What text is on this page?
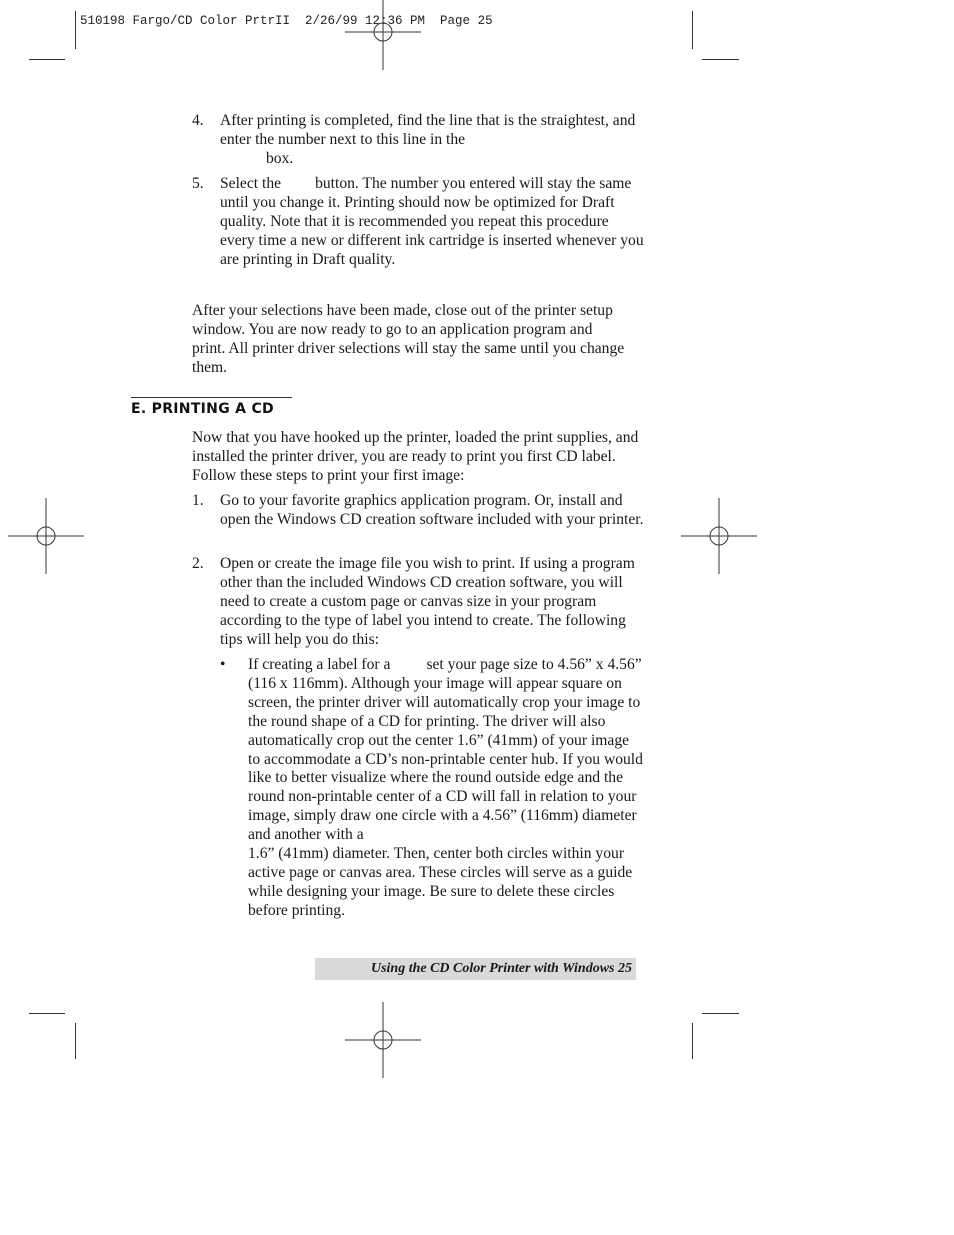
510198 Fargo/CD Color PrtrII  2/26/99 12:36 PM  Page 25
4.	After printing is completed, find the line that is the straightest, and enter the number next to this line in the
box.
5.	Select the button. The number you entered will stay the same until you change it. Printing should now be optimized for Draft quality. Note that it is recommended you repeat this procedure every time a new or different ink cartridge is inserted whenever you are printing in Draft quality.

After your selections have been made, close out of the printer setup window. You are now ready to go to an application program and print. All printer driver selections will stay the same until you change them.

E. PRINTING A CD

Now that you have hooked up the printer, loaded the print supplies, and installed the printer driver, you are ready to print you first CD label. Follow these steps to print your first image:

1.	Go to your favorite graphics application program. Or, install and open the Windows CD creation software included with your printer.
2.	Open or create the image file you wish to print. If using a program other than the included Windows CD creation software, you will need to create a custom page or canvas size in your program according to the type of label you intend to create. The following tips will help you do this:
•	If creating a label for a set your page size to 4.56” x 4.56” (116 x 116mm). Although your image will appear square on screen, the printer driver will automatically crop your image to the round shape of a CD for printing. The driver will also automatically crop out the center 1.6” (41mm) of your image to accommodate a CD’s non-printable center hub. If you would like to better visualize where the round outside edge and the round non-printable center of a CD will fall in relation to your image, simply draw one circle with a 4.56” (116mm) diameter and another with a
1.6” (41mm) diameter. Then, center both circles within your active page or canvas area. These circles will serve as a guide while designing your image. Be sure to delete these circles before printing.
Using the CD Color Printer with Windows 25
